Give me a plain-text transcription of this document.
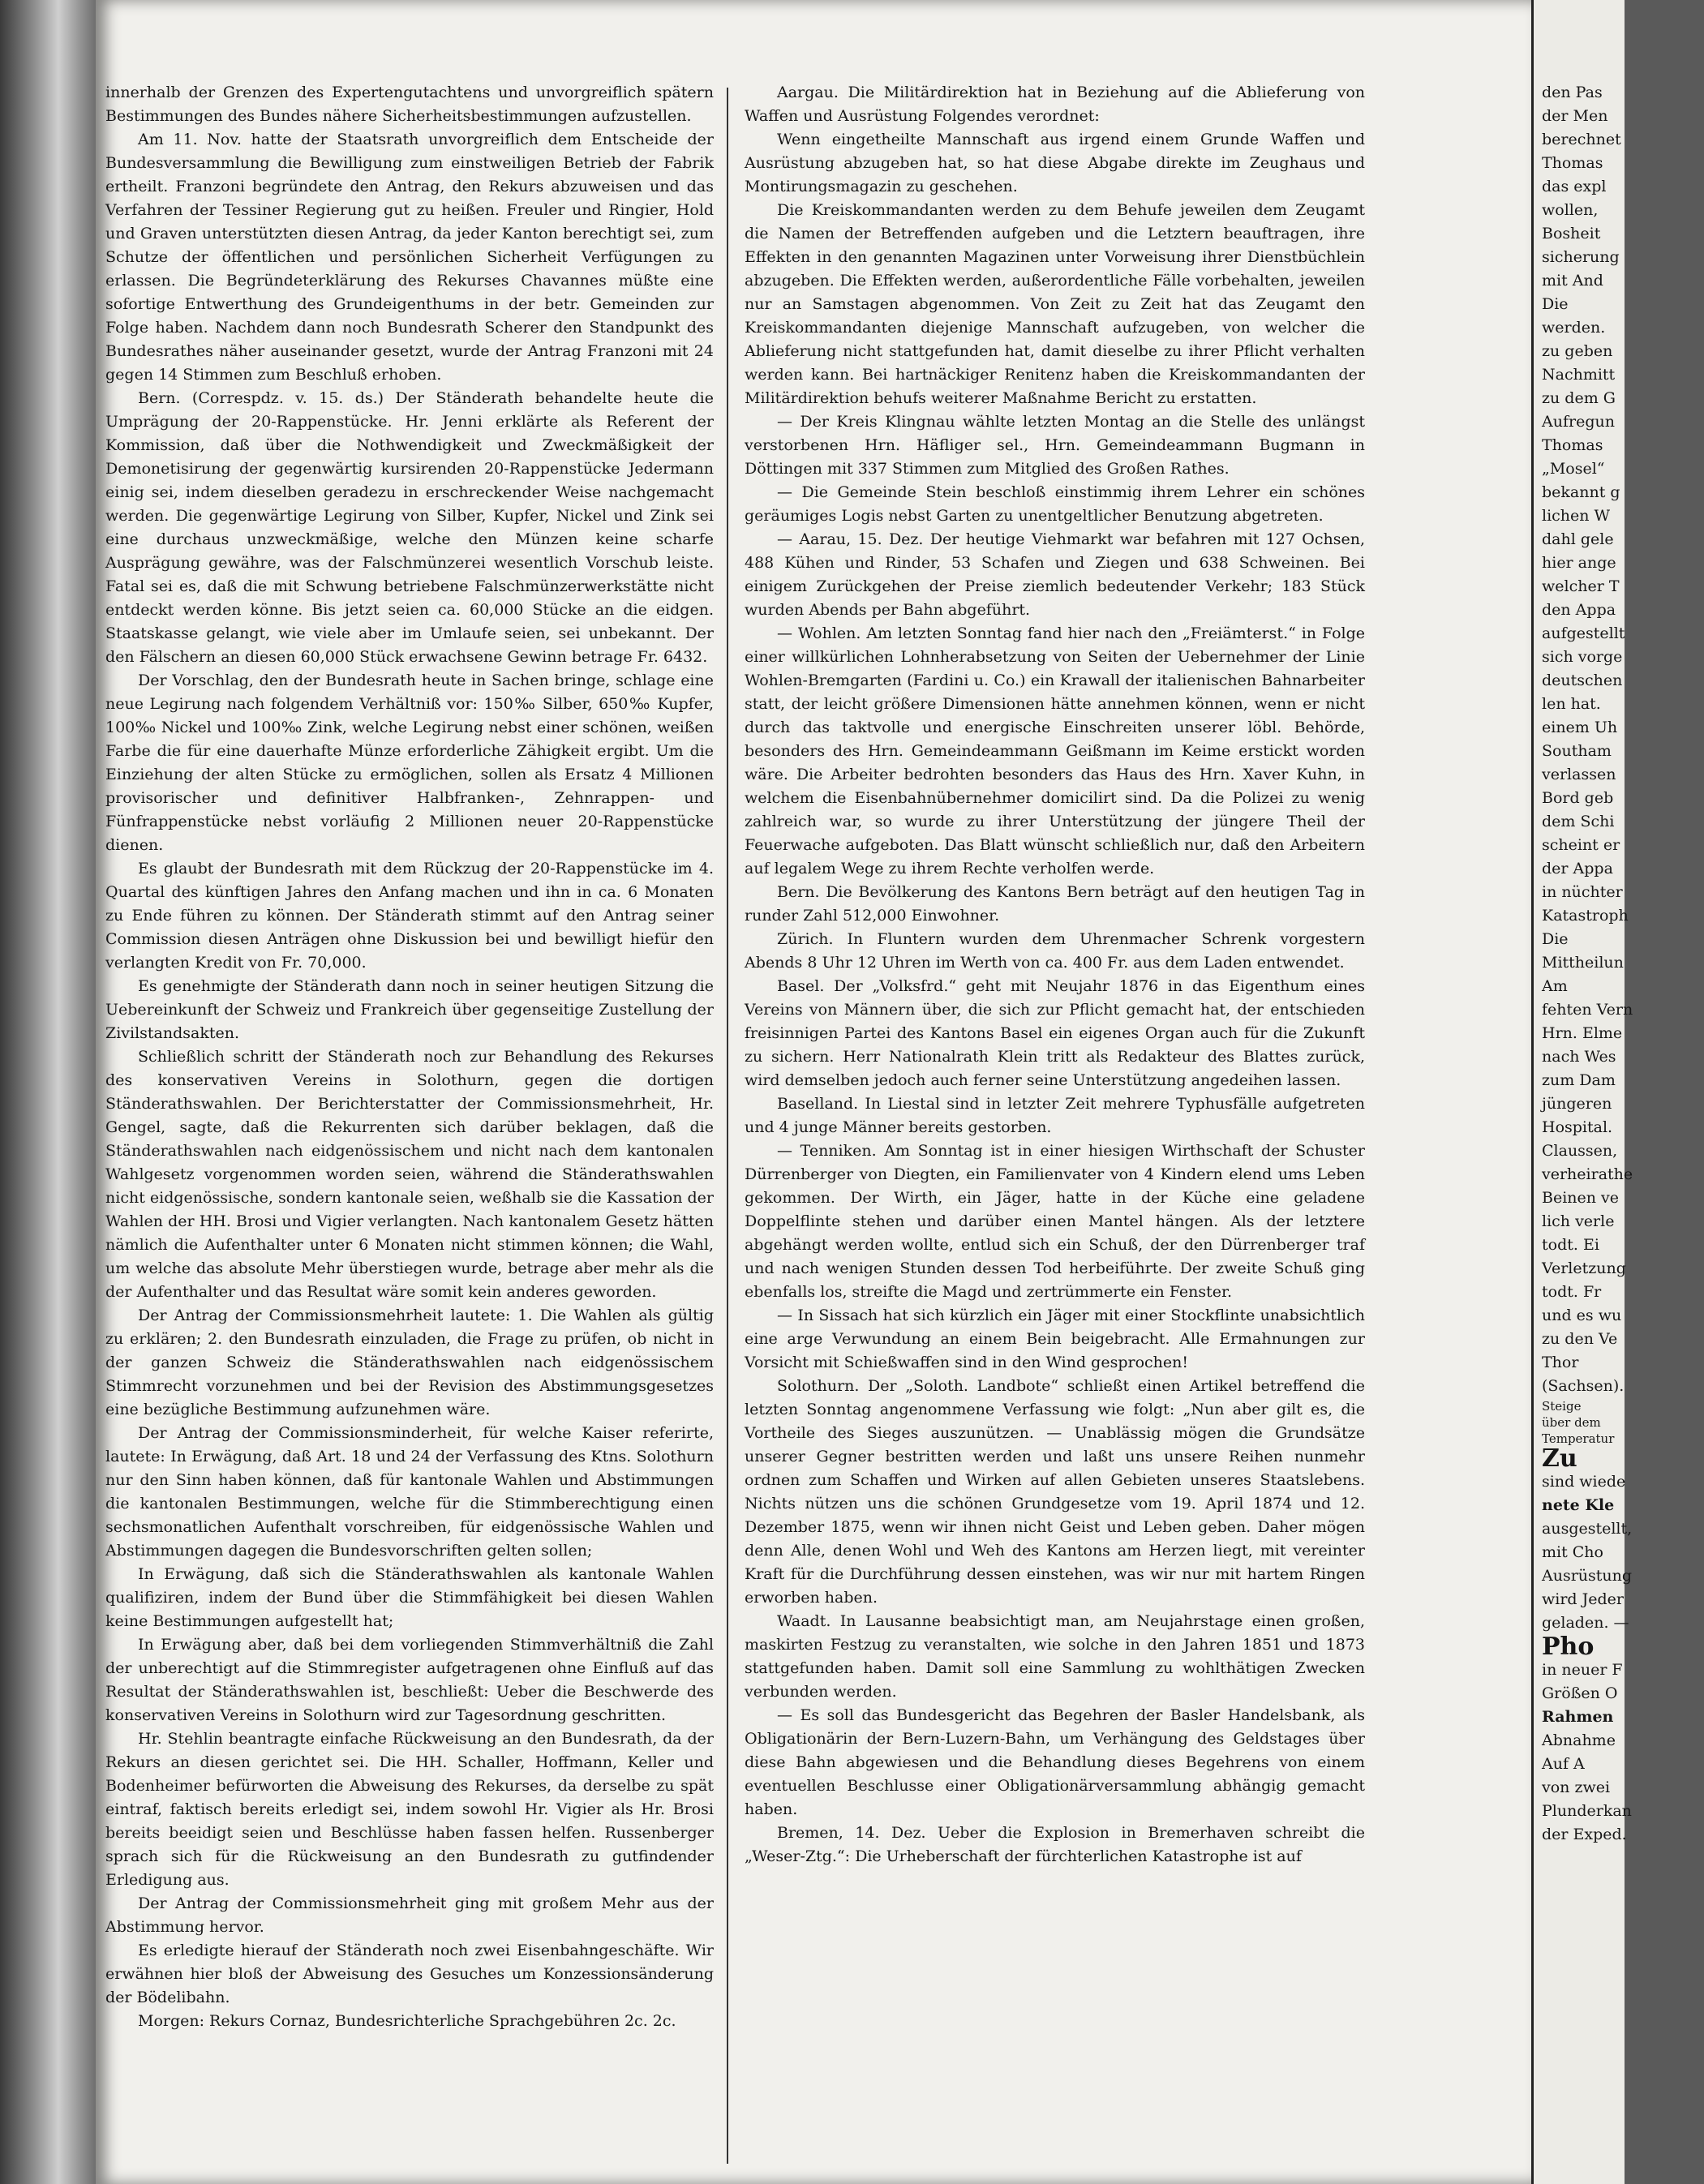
innerhalb der Grenzen des Expertengutachtens und unvorgreiflich spätern Bestimmungen des Bundes nähere Sicherheitsbestimmungen aufzustellen.

Am 11. Nov. hatte der Staatsrath unvorgreiflich dem Entscheide der Bundesversammlung die Bewilligung zum einstweiligen Betrieb der Fabrik ertheilt. Franzoni begründete den Antrag, den Rekurs abzuweisen und das Verfahren der Tessiner Regierung gut zu heißen. Freuler und Ringier, Hold und Graven unterstützten diesen Antrag, da jeder Kanton berechtigt sei, zum Schutze der öffentlichen und persönlichen Sicherheit Verfügungen zu erlassen. Die Begründeterklärung des Rekurses Chavannes müßte eine sofortige Entwerthung des Grundeigenthums in der betr. Gemeinden zur Folge haben. Nachdem dann noch Bundesrath Scherer den Standpunkt des Bundesrathes näher auseinander gesetzt, wurde der Antrag Franzoni mit 24 gegen 14 Stimmen zum Beschluß erhoben.

Bern. (Correspdz. v. 15. ds.) Der Ständerath behandelte heute die Umprägung der 20-Rappenstücke. Hr. Jenni erklärte als Referent der Kommission, daß über die Nothwendigkeit und Zweckmäßigkeit der Demonetisirung der gegenwärtig kursirenden 20-Rappenstücke Jedermann einig sei, indem dieselben geradezu in erschreckender Weise nachgemacht werden. Die gegenwärtige Legirung von Silber, Kupfer, Nickel und Zink sei eine durchaus unzweckmäßige, welche den Münzen keine scharfe Ausprägung gewähre, was der Falschmünzerei wesentlich Vorschub leiste. Fatal sei es, daß die mit Schwung betriebene Falschmünzerwerkstätte nicht entdeckt werden könne. Bis jetzt seien ca. 60,000 Stücke an die eidgen. Staatskasse gelangt, wie viele aber im Umlaufe seien, sei unbekannt. Der den Fälschern an diesen 60,000 Stück erwachsene Gewinn betrage Fr. 6432.

Der Vorschlag, den der Bundesrath heute in Sachen bringe, schlage eine neue Legirung nach folgendem Verhältniß vor: 150‰ Silber, 650‰ Kupfer, 100‰ Nickel und 100‰ Zink, welche Legirung nebst einer schönen, weißen Farbe die für eine dauerhafte Münze erforderliche Zähigkeit ergibt. Um die Einziehung der alten Stücke zu ermöglichen, sollen als Ersatz 4 Millionen provisorischer und definitiver Halbfranken-, Zehnrappen- und Fünfrappenstücke nebst vorläufig 2 Millionen neuer 20-Rappenstücke dienen.

Es glaubt der Bundesrath mit dem Rückzug der 20-Rappenstücke im 4. Quartal des künftigen Jahres den Anfang machen und ihn in ca. 6 Monaten zu Ende führen zu können. Der Ständerath stimmt auf den Antrag seiner Commission diesen Anträgen ohne Diskussion bei und bewilligt hiefür den verlangten Kredit von Fr. 70,000.

Es genehmigte der Ständerath dann noch in seiner heutigen Sitzung die Uebereinkunft der Schweiz und Frankreich über gegenseitige Zustellung der Zivilstandsakten.

Schließlich schritt der Ständerath noch zur Behandlung des Rekurses des konservativen Vereins in Solothurn, gegen die dortigen Ständerathswahlen. Der Berichterstatter der Commissionsmehrheit, Hr. Gengel, sagte, daß die Rekurrenten sich darüber beklagen, daß die Ständerathswahlen nach eidgenössischem und nicht nach dem kantonalen Wahlgesetz vorgenommen worden seien, während die Ständerathswahlen nicht eidgenössische, sondern kantonale seien, weßhalb sie die Kassation der Wahlen der HH. Brosi und Vigier verlangten. Nach kantonalem Gesetz hätten nämlich die Aufenthalter unter 6 Monaten nicht stimmen können; die Wahl, um welche das absolute Mehr überstiegen wurde, betrage aber mehr als die der Aufenthalter und das Resultat wäre somit kein anderes geworden.

Der Antrag der Commissionsmehrheit lautete: 1. Die Wahlen als gültig zu erklären; 2. den Bundesrath einzuladen, die Frage zu prüfen, ob nicht in der ganzen Schweiz die Ständerathswahlen nach eidgenössischem Stimmrecht vorzunehmen und bei der Revision des Abstimmungsgesetzes eine bezügliche Bestimmung aufzunehmen wäre.

Der Antrag der Commissionsminderheit, für welche Kaiser referirte, lautete: In Erwägung, daß Art. 18 und 24 der Verfassung des Ktns. Solothurn nur den Sinn haben können, daß für kantonale Wahlen und Abstimmungen die kantonalen Bestimmungen, welche für die Stimmberechtigung einen sechsmonatlichen Aufenthalt vorschreiben, für eidgenössische Wahlen und Abstimmungen dagegen die Bundesvorschriften gelten sollen;

In Erwägung, daß sich die Ständerathswahlen als kantonale Wahlen qualifiziren, indem der Bund über die Stimmfähigkeit bei diesen Wahlen keine Bestimmungen aufgestellt hat;

In Erwägung aber, daß bei dem vorliegenden Stimmverhältniß die Zahl der unberechtigt auf die Stimmregister aufgetragenen ohne Einfluß auf das Resultat der Ständerathswahlen ist, beschließt: Ueber die Beschwerde des konservativen Vereins in Solothurn wird zur Tagesordnung geschritten.

Hr. Stehlin beantragte einfache Rückweisung an den Bundesrath, da der Rekurs an diesen gerichtet sei. Die HH. Schaller, Hoffmann, Keller und Bodenheimer befürworten die Abweisung des Rekurses, da derselbe zu spät eintraf, faktisch bereits erledigt sei, indem sowohl Hr. Vigier als Hr. Brosi bereits beeidigt seien und Beschlüsse haben fassen helfen. Russenberger sprach sich für die Rückweisung an den Bundesrath zu gutfindender Erledigung aus.

Der Antrag der Commissionsmehrheit ging mit großem Mehr aus der Abstimmung hervor.

Es erledigte hierauf der Ständerath noch zwei Eisenbahngeschäfte. Wir erwähnen hier bloß der Abweisung des Gesuches um Konzessionsänderung der Bödelibahn.

Morgen: Rekurs Cornaz, Bundesrichterliche Sprachgebühren 2c. 2c.

Aargau. Die Militärdirektion hat in Beziehung auf die Ablieferung von Waffen und Ausrüstung Folgendes verordnet:

Wenn eingetheilte Mannschaft aus irgend einem Grunde Waffen und Ausrüstung abzugeben hat, so hat diese Abgabe direkte im Zeughaus und Montirungsmagazin zu geschehen.

Die Kreiskommandanten werden zu dem Behufe jeweilen dem Zeugamt die Namen der Betreffenden aufgeben und die Letztern beauftragen, ihre Effekten in den genannten Magazinen unter Vorweisung ihrer Dienstbüchlein abzugeben. Die Effekten werden, außerordentliche Fälle vorbehalten, jeweilen nur an Samstagen abgenommen. Von Zeit zu Zeit hat das Zeugamt den Kreiskommandanten diejenige Mannschaft aufzugeben, von welcher die Ablieferung nicht stattgefunden hat, damit dieselbe zu ihrer Pflicht verhalten werden kann. Bei hartnäckiger Renitenz haben die Kreiskommandanten der Militärdirektion behufs weiterer Maßnahme Bericht zu erstatten.

— Der Kreis Klingnau wählte letzten Montag an die Stelle des unlängst verstorbenen Hrn. Häfliger sel., Hrn. Gemeindeammann Bugmann in Döttingen mit 337 Stimmen zum Mitglied des Großen Rathes.

— Die Gemeinde Stein beschloß einstimmig ihrem Lehrer ein schönes geräumiges Logis nebst Garten zu unentgeltlicher Benutzung abgetreten.

— Aarau, 15. Dez. Der heutige Viehmarkt war befahren mit 127 Ochsen, 488 Kühen und Rinder, 53 Schafen und Ziegen und 638 Schweinen. Bei einigem Zurückgehen der Preise ziemlich bedeutender Verkehr; 183 Stück wurden Abends per Bahn abgeführt.

— Wohlen. Am letzten Sonntag fand hier nach den „Freiämterst.“ in Folge einer willkürlichen Lohnherabsetzung von Seiten der Uebernehmer der Linie Wohlen-Bremgarten (Fardini u. Co.) ein Krawall der italienischen Bahnarbeiter statt, der leicht größere Dimensionen hätte annehmen können, wenn er nicht durch das taktvolle und energische Einschreiten unserer löbl. Behörde, besonders des Hrn. Gemeindeammann Geißmann im Keime erstickt worden wäre. Die Arbeiter bedrohten besonders das Haus des Hrn. Xaver Kuhn, in welchem die Eisenbahnübernehmer domicilirt sind. Da die Polizei zu wenig zahlreich war, so wurde zu ihrer Unterstützung der jüngere Theil der Feuerwache aufgeboten. Das Blatt wünscht schließlich nur, daß den Arbeitern auf legalem Wege zu ihrem Rechte verholfen werde.

Bern. Die Bevölkerung des Kantons Bern beträgt auf den heutigen Tag in runder Zahl 512,000 Einwohner.

Zürich. In Fluntern wurden dem Uhrenmacher Schrenk vorgestern Abends 8 Uhr 12 Uhren im Werth von ca. 400 Fr. aus dem Laden entwendet.

Basel. Der „Volksfrd.“ geht mit Neujahr 1876 in das Eigenthum eines Vereins von Männern über, die sich zur Pflicht gemacht hat, der entschieden freisinnigen Partei des Kantons Basel ein eigenes Organ auch für die Zukunft zu sichern. Herr Nationalrath Klein tritt als Redakteur des Blattes zurück, wird demselben jedoch auch ferner seine Unterstützung angedeihen lassen.

Baselland. In Liestal sind in letzter Zeit mehrere Typhusfälle aufgetreten und 4 junge Männer bereits gestorben.

— Tenniken. Am Sonntag ist in einer hiesigen Wirthschaft der Schuster Dürrenberger von Diegten, ein Familienvater von 4 Kindern elend ums Leben gekommen. Der Wirth, ein Jäger, hatte in der Küche eine geladene Doppelflinte stehen und darüber einen Mantel hängen. Als der letztere abgehängt werden wollte, entlud sich ein Schuß, der den Dürrenberger traf und nach wenigen Stunden dessen Tod herbeiführte. Der zweite Schuß ging ebenfalls los, streifte die Magd und zertrümmerte ein Fenster.

— In Sissach hat sich kürzlich ein Jäger mit einer Stockflinte unabsichtlich eine arge Verwundung an einem Bein beigebracht. Alle Ermahnungen zur Vorsicht mit Schießwaffen sind in den Wind gesprochen!

Solothurn. Der „Soloth. Landbote“ schließt einen Artikel betreffend die letzten Sonntag angenommene Verfassung wie folgt: „Nun aber gilt es, die Vortheile des Sieges auszunützen. — Unablässig mögen die Grundsätze unserer Gegner bestritten werden und laßt uns unsere Reihen nunmehr ordnen zum Schaffen und Wirken auf allen Gebieten unseres Staatslebens. Nichts nützen uns die schönen Grundgesetze vom 19. April 1874 und 12. Dezember 1875, wenn wir ihnen nicht Geist und Leben geben. Daher mögen denn Alle, denen Wohl und Weh des Kantons am Herzen liegt, mit vereinter Kraft für die Durchführung dessen einstehen, was wir nur mit hartem Ringen erworben haben.

Waadt. In Lausanne beabsichtigt man, am Neujahrstage einen großen, maskirten Festzug zu veranstalten, wie solche in den Jahren 1851 und 1873 stattgefunden haben. Damit soll eine Sammlung zu wohlthätigen Zwecken verbunden werden.

— Es soll das Bundesgericht das Begehren der Basler Handelsbank, als Obligationärin der Bern-Luzern-Bahn, um Verhängung des Geldstages über diese Bahn abgewiesen und die Behandlung dieses Begehrens von einem eventuellen Beschlusse einer Obligationärversammlung abhängig gemacht haben.

Bremen, 14. Dez. Ueber die Explosion in Bremerhaven schreibt die „Weser-Ztg.“: Die Urheberschaft der fürchterlichen Katastrophe ist auf

den Pas
der Men
berechnet
Thomas
das expl
wollen,
Bosheit
sicherung
mit And
Die
werden.
zu geben
Nachmitt
zu dem G
Aufregun
Thomas
„Mosel“
bekannt g
lichen W
dahl gele
hier ange
welcher T
den Appa
aufgestellt
sich vorge
deutschen
len hat.
einem Uh
Southam
verlassen
Bord geb
dem Schi
scheint er
der Appa
in nüchter
Katastroph
Die
Mittheilun
Am
fehten Vern
Hrn. Elme
nach Wes
zum Dam
jüngeren
Hospital.
Claussen,
verheirathe
Beinen ve
lich verle
todt. Ei
Verletzung
todt. Fr
und es wu
zu den Ve
Thor
(Sachsen).
Steige
über dem
Temperatur
Zu
sind wiede
nete Kle
ausgestellt,
mit Cho
Ausrüstung
wird Jeder
geladen. —
Pho
in neuer F
Größen O
Rahmen
Abnahme
Auf A
von zwei
Plunderkan
der Exped.
